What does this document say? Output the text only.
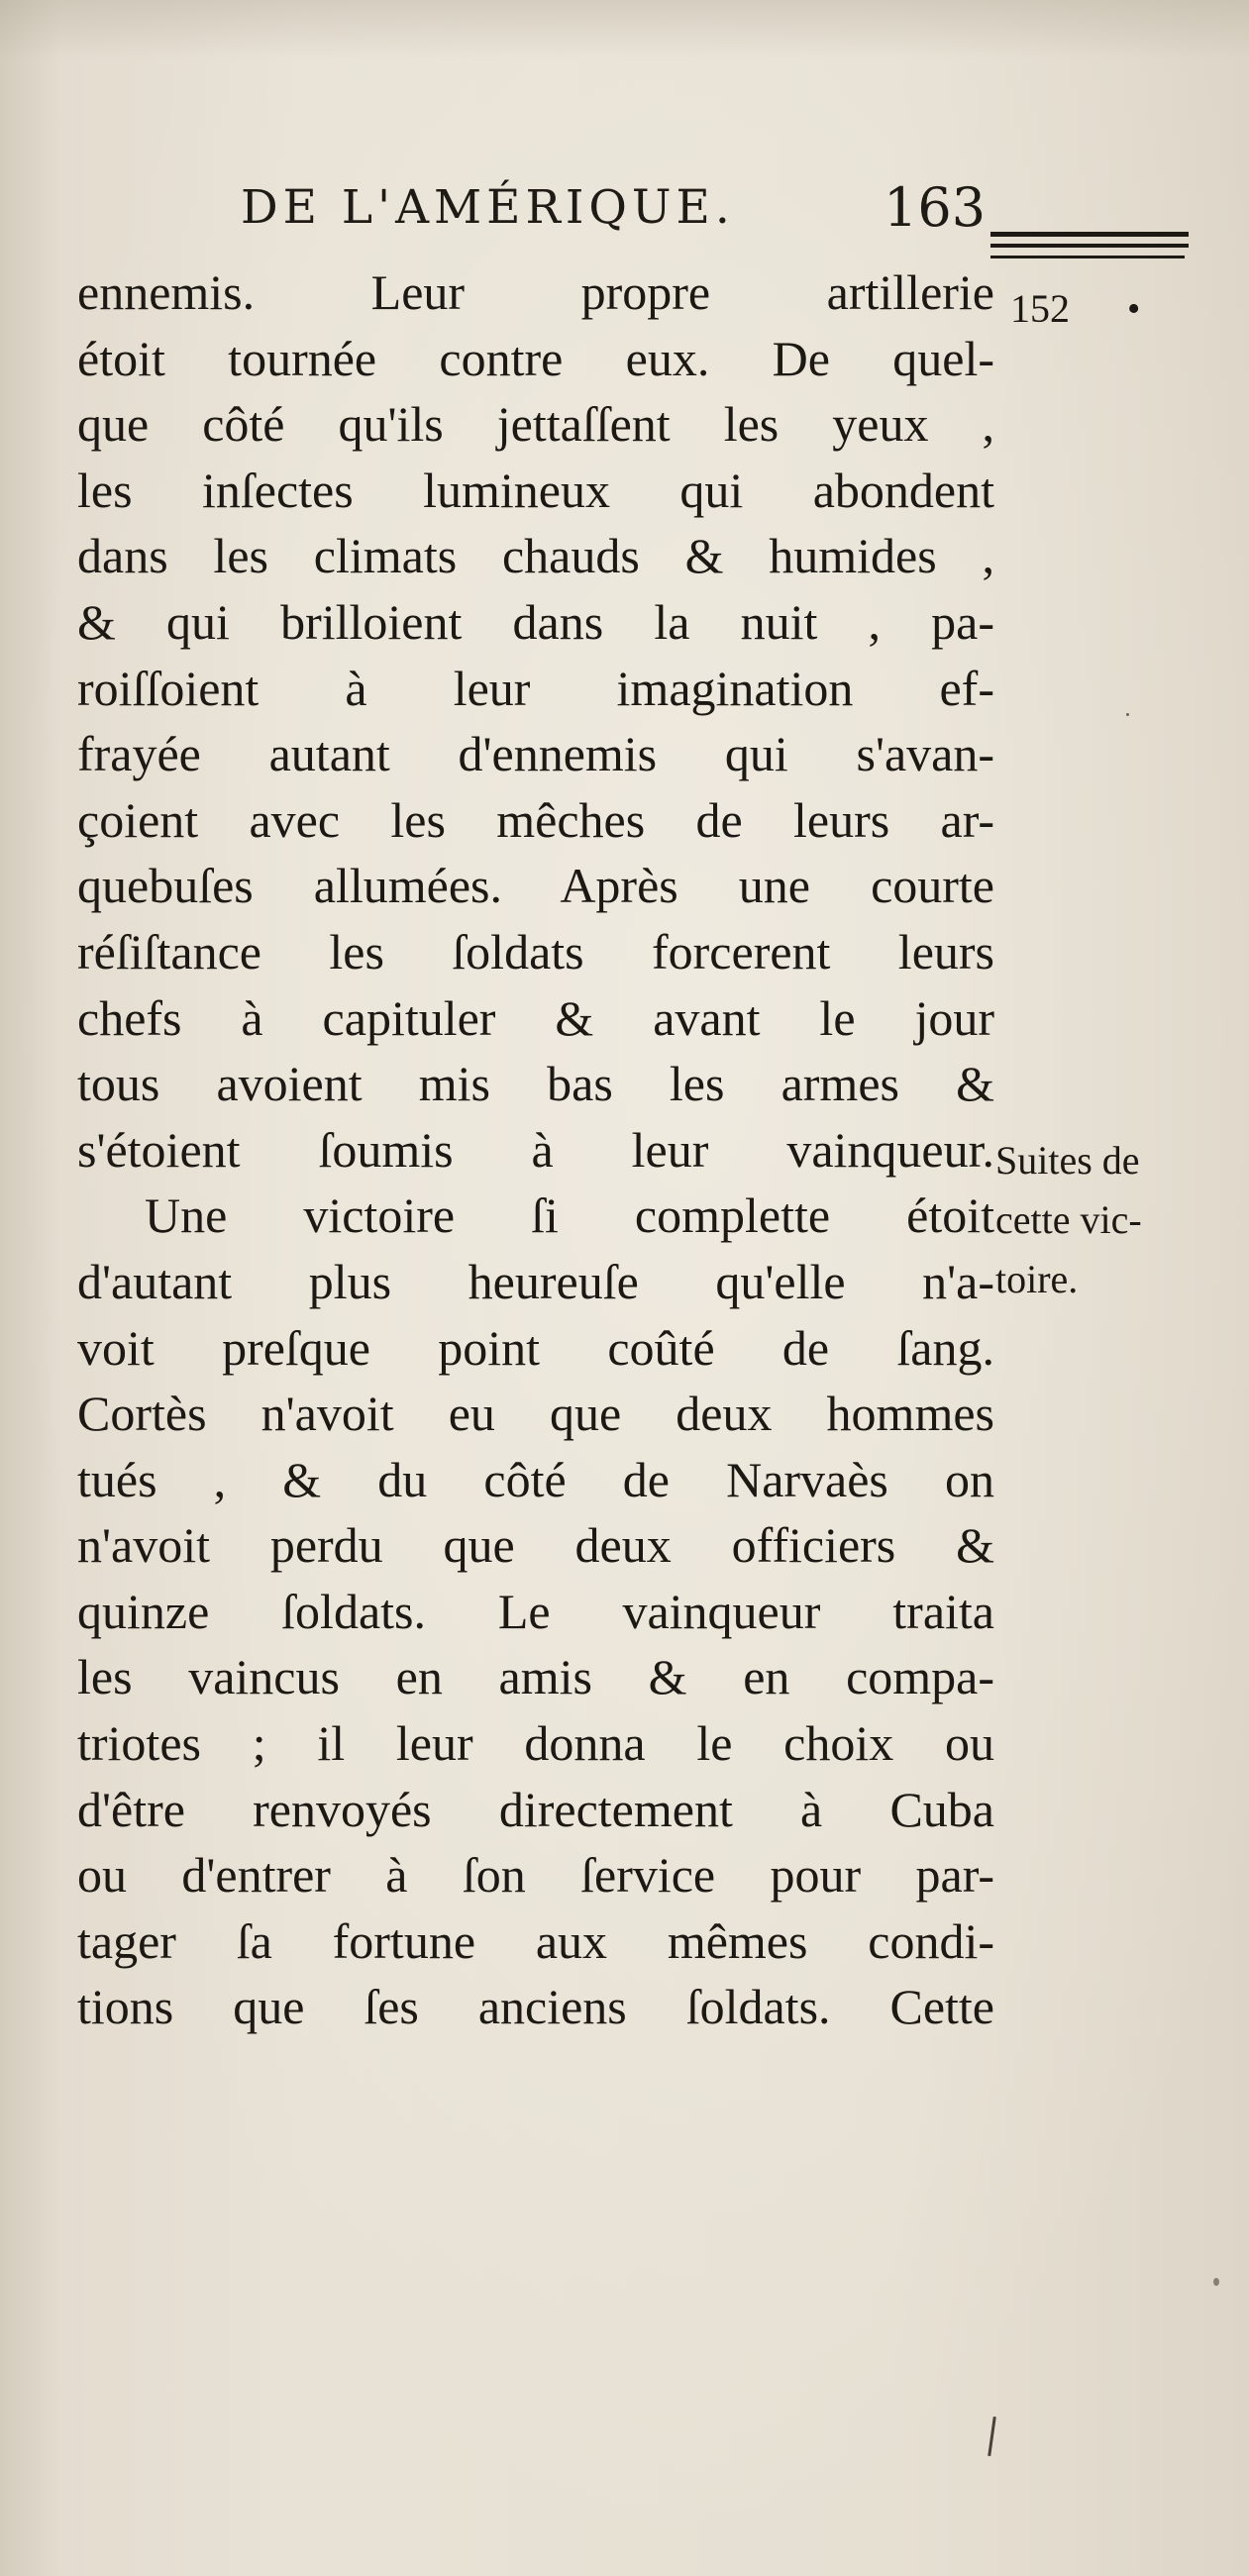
DE L'AMÉRIQUE.	163
152 •
ennemis. Leur propre artillerie
étoit tournée contre eux. De quel-
que côté qu'ils jettaſſent les yeux ,
les inſectes lumineux qui abondent
dans les climats chauds & humides ,
& qui brilloient dans la nuit , pa-
roiſſoient à leur imagination ef-
frayée autant d'ennemis qui s'avan-
çoient avec les mêches de leurs ar-
quebuſes allumées. Après une courte
réſiſtance les ſoldats forcerent leurs
chefs à capituler & avant le jour
tous avoient mis bas les armes &
s'étoient ſoumis à leur vainqueur.
Une victoire ſi complette étoit
d'autant plus heureuſe qu'elle n'a-
voit preſque point coûté de ſang.
Cortès n'avoit eu que deux hommes
tués , & du côté de Narvaès on
n'avoit perdu que deux officiers &
quinze ſoldats. Le vainqueur traita
les vaincus en amis & en compa-
triotes ; il leur donna le choix ou
d'être renvoyés directement à Cuba
ou d'entrer à ſon ſervice pour par-
tager ſa fortune aux mêmes condi-
tions que ſes anciens ſoldats. Cette
Suites de
cette vic-
toire.
